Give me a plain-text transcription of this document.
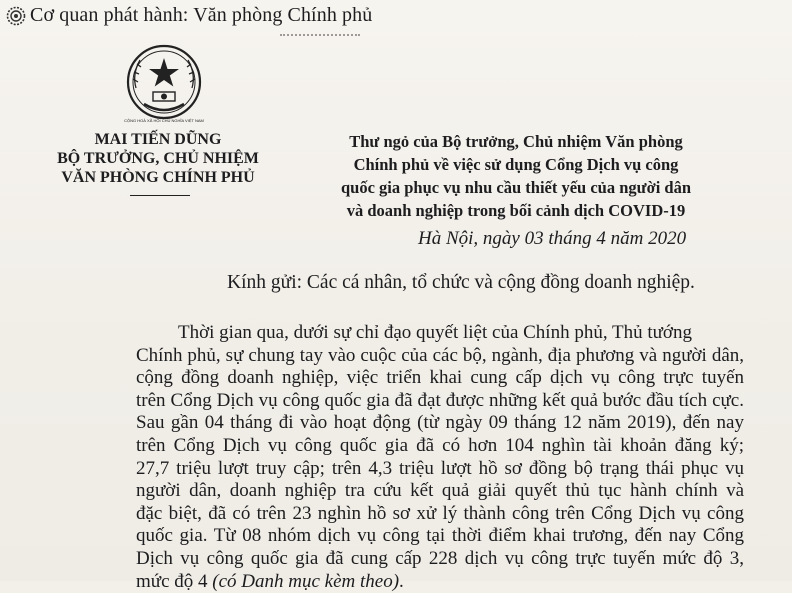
Cơ quan phát hành: Văn phòng Chính phủ
CỘNG HOÀ XÃ HỘI CHỦ NGHĨA VIỆT NAM
MAI TIẾN DŨNG
BỘ TRƯỞNG, CHỦ NHIỆM
VĂN PHÒNG CHÍNH PHỦ
Thư ngỏ của Bộ trưởng, Chủ nhiệm Văn phòng
Chính phủ về việc sử dụng Cổng Dịch vụ công
quốc gia phục vụ nhu cầu thiết yếu của người dân
và doanh nghiệp trong bối cảnh dịch COVID-19
Hà Nội, ngày 03 tháng 4 năm 2020
Kính gửi: Các cá nhân, tổ chức và cộng đồng doanh nghiệp.
Thời gian qua, dưới sự chỉ đạo quyết liệt của Chính phủ, Thủ tướng
Chính phủ, sự chung tay vào cuộc của các bộ, ngành, địa phương và người dân,
cộng đồng doanh nghiệp, việc triển khai cung cấp dịch vụ công trực tuyến
trên Cổng Dịch vụ công quốc gia đã đạt được những kết quả bước đầu tích cực.
Sau gần 04 tháng đi vào hoạt động (từ ngày 09 tháng 12 năm 2019), đến nay
trên Cổng Dịch vụ công quốc gia đã có hơn 104 nghìn tài khoản đăng ký;
27,7 triệu lượt truy cập; trên 4,3 triệu lượt hồ sơ đồng bộ trạng thái phục vụ
người dân, doanh nghiệp tra cứu kết quả giải quyết thủ tục hành chính và
đặc biệt, đã có trên 23 nghìn hồ sơ xử lý thành công trên Cổng Dịch vụ công
quốc gia. Từ 08 nhóm dịch vụ công tại thời điểm khai trương, đến nay Cổng
Dịch vụ công quốc gia đã cung cấp 228 dịch vụ công trực tuyến mức độ 3,
mức độ 4 (có Danh mục kèm theo).
